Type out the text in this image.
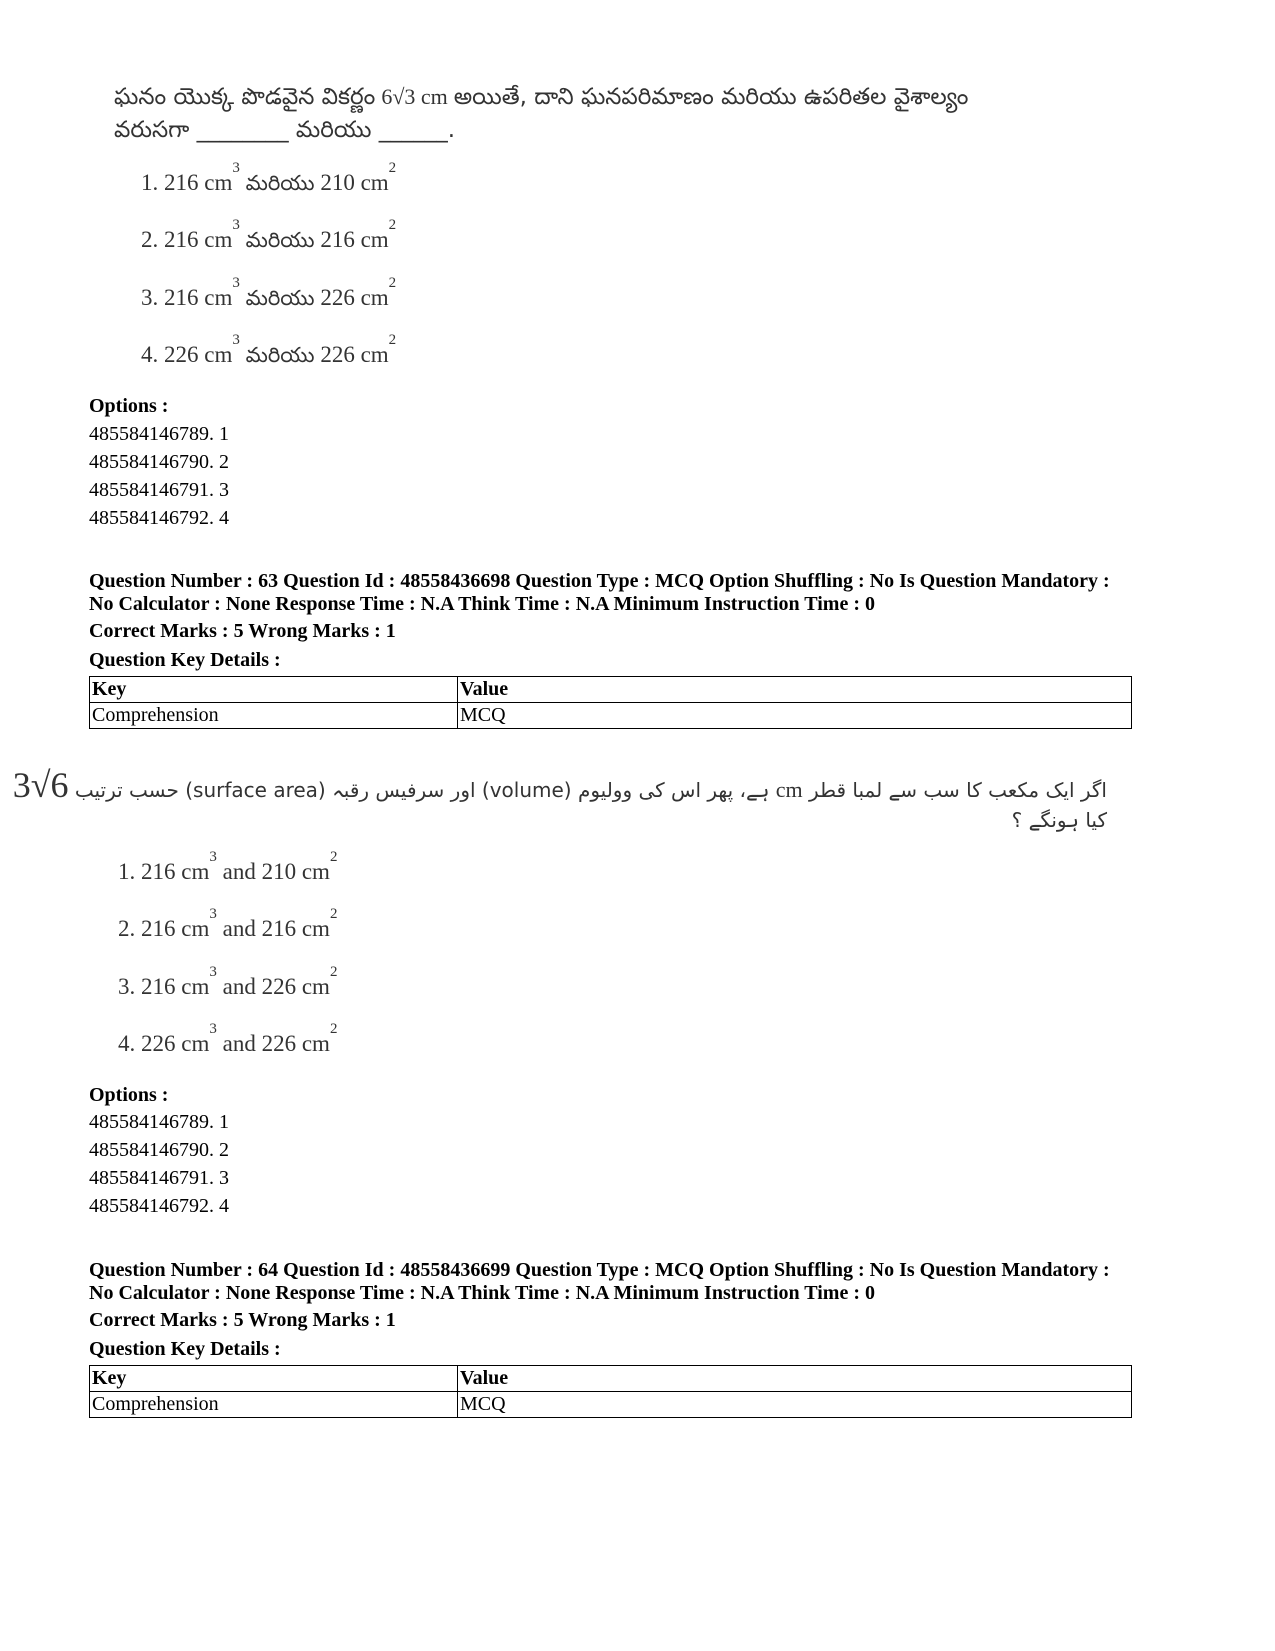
ఘనం యొక్క పొడవైన వికర్ణం 6√3 cm అయితే, దాని ఘనపరిమాణం మరియు ఉపరితల వైశాల్యం
వరుసగా ________ మరియు ______.
1. 216 $cm^3$ మరియు 210 $cm^2$
2. 216 $cm^3$ మరియు 216 $cm^2$
3. 216 $cm^3$ మరియు 226 $cm^2$
4. 226 $cm^3$ మరియు 226 $cm^2$
Options :
485584146789. 1
485584146790. 2
485584146791. 3
485584146792. 4
Question Number : 63 Question Id : 48558436698 Question Type : MCQ Option Shuffling : No Is Question Mandatory :
No Calculator : None Response Time : N.A Think Time : N.A Minimum Instruction Time : 0
Correct Marks : 5 Wrong Marks : 1
Question Key Details :
Key	Value
Comprehension	MCQ
ہے، پھر اس کی وولیوم (volume) اور سرفیس رقبہ (surface area) حسب ترتیب 6√3	cm اگر ایک مکعب کا سب سے لمبا قطر
کیا ہونگے ؟
1. 216 $cm^3$ and 210 $cm^2$
2. 216 $cm^3$ and 216 $cm^2$
3. 216 $cm^3$ and 226 $cm^2$
4. 226 $cm^3$ and 226 $cm^2$
Options :
485584146789. 1
485584146790. 2
485584146791. 3
485584146792. 4
Question Number : 64 Question Id : 48558436699 Question Type : MCQ Option Shuffling : No Is Question Mandatory :
No Calculator : None Response Time : N.A Think Time : N.A Minimum Instruction Time : 0
Correct Marks : 5 Wrong Marks : 1
Question Key Details :
Key	Value
Comprehension	MCQ
